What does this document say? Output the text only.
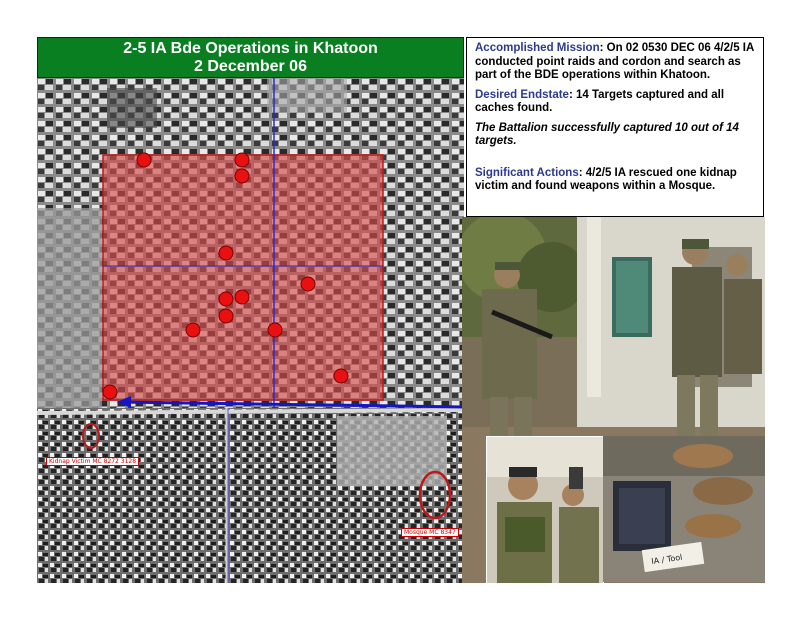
Kidnap Victim MC 8272 3128
Mosque MC 8347
2-5 IA Bde Operations in Khatoon
2 December 06

Accomplished Mission: On 02 0530 DEC 06 4/2/5 IA conducted point raids and cordon and search as part of the BDE operations within Khatoon.

Desired Endstate: 14 Targets captured and all caches found.

The Battalion successfully captured 10 out of 14 targets.

Significant Actions: 4/2/5 IA rescued one kidnap victim and found weapons within a Mosque.

IA / Tool
